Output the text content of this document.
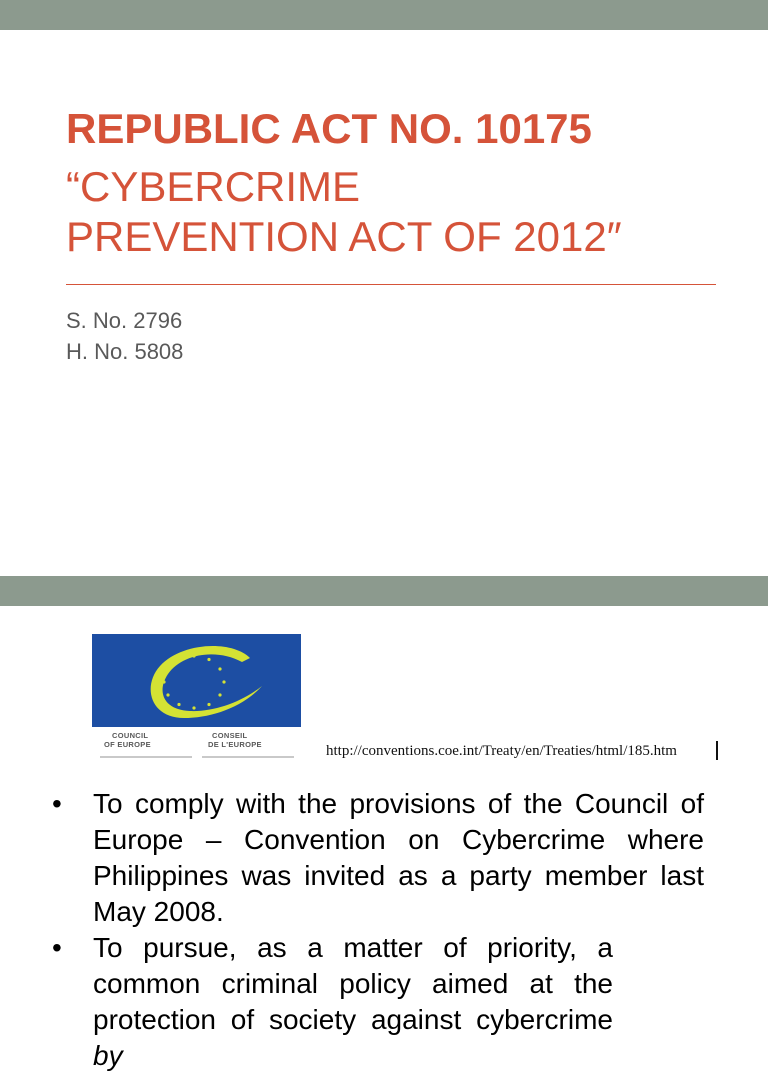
REPUBLIC ACT NO. 10175
“CYBERCRIME
PREVENTION ACT OF 2012″

S. No. 2796

H. No. 5808

COUNCIL
OF EUROPE
CONSEIL
DE L'EUROPE	http://conventions.coe.int/Treaty/en/Treaties/html/185.htm
• To comply with the provisions of the Council of Europe – Convention on Cybercrime where Philippines was invited as a party member last May 2008.
• To pursue, as a matter of priority, a common criminal policy aimed at the protection of society against cybercrime by
